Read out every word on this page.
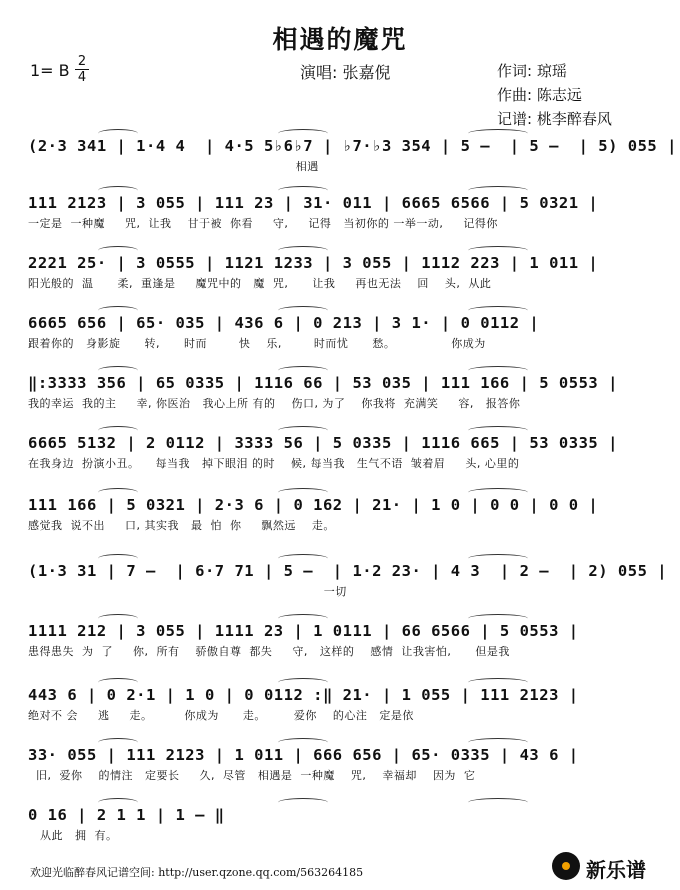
相遇的魔咒
1= B 2
4	演唱: 张嘉倪	作词: 琼瑶
作曲: 陈志远
记谱: 桃李醉春风
(2·3 341 | 1·4 4  | 4·5 5♭6♭7 | ♭7·♭3 354 | 5 –  | 5 –  | 5) 055 |
相遇
111 2123 | 3 055 | 111 23 | 31· 011 | 6665 6566 | 5 0321 |
一定是  一种魔     咒,  让我    甘于被  你看     守,     记得   当初你的 一举一动,     记得你
2221 25· | 3 0555 | 1121 1233 | 3 055 | 1112 223 | 1 011 |
阳光般的  温      柔,  重逢是     魔咒中的   魔  咒,      让我     再也无法    回    头,  从此
6665 656 | 65· 035 | 436 6 | 0 213 | 3 1· | 0 0112 |
跟着你的   身影旋      转,      时而        快    乐,        时而忧      愁。              你成为
‖:3333 356 | 65 0335 | 1116 66 | 53 035 | 111 166 | 5 0553 |
我的幸运  我的主     幸, 你医治   我心上所 有的    伤口, 为了    你我将  充满笑     容,   报答你
6665 5132 | 2 0112 | 3333 56 | 5 0335 | 1116 665 | 53 0335 |
在我身边  扮演小丑。    每当我   掉下眼泪 的时    候, 每当我   生气不语  皱着眉     头, 心里的
111 166 | 5 0321 | 2·3 6 | 0 162 | 21· | 1 0 | 0 0 | 0 0 |
感觉我  说不出     口, 其实我   最  怕  你     飘然远    走。
(1·3 31 | 7 –  | 6·7 71 | 5 –  | 1·2 23· | 4 3  | 2 –  | 2) 055 |
一切
1111 212 | 3 055 | 1111 23 | 1 0111 | 66 6566 | 5 0553 |
患得患失  为  了     你,  所有    骄傲自尊  都失     守,   这样的    感情  让我害怕,      但是我
443 6 | 0 2·1 | 1 0 | 0 0112 :‖ 21· | 1 055 | 111 2123 |
绝对不 会     逃     走。        你成为      走。       爱你    的心注   定是依
33· 055 | 111 2123 | 1 011 | 666 656 | 65· 0335 | 43 6 |
旧,  爱你    的情注   定要长     久,  尽管   相遇是  一种魔    咒,    幸福却    因为  它
0 16 | 2 1 1 | 1 – ‖
从此   拥  有。
欢迎光临醉春风记谱空间: http://user.qzone.qq.com/563264185	新乐谱
